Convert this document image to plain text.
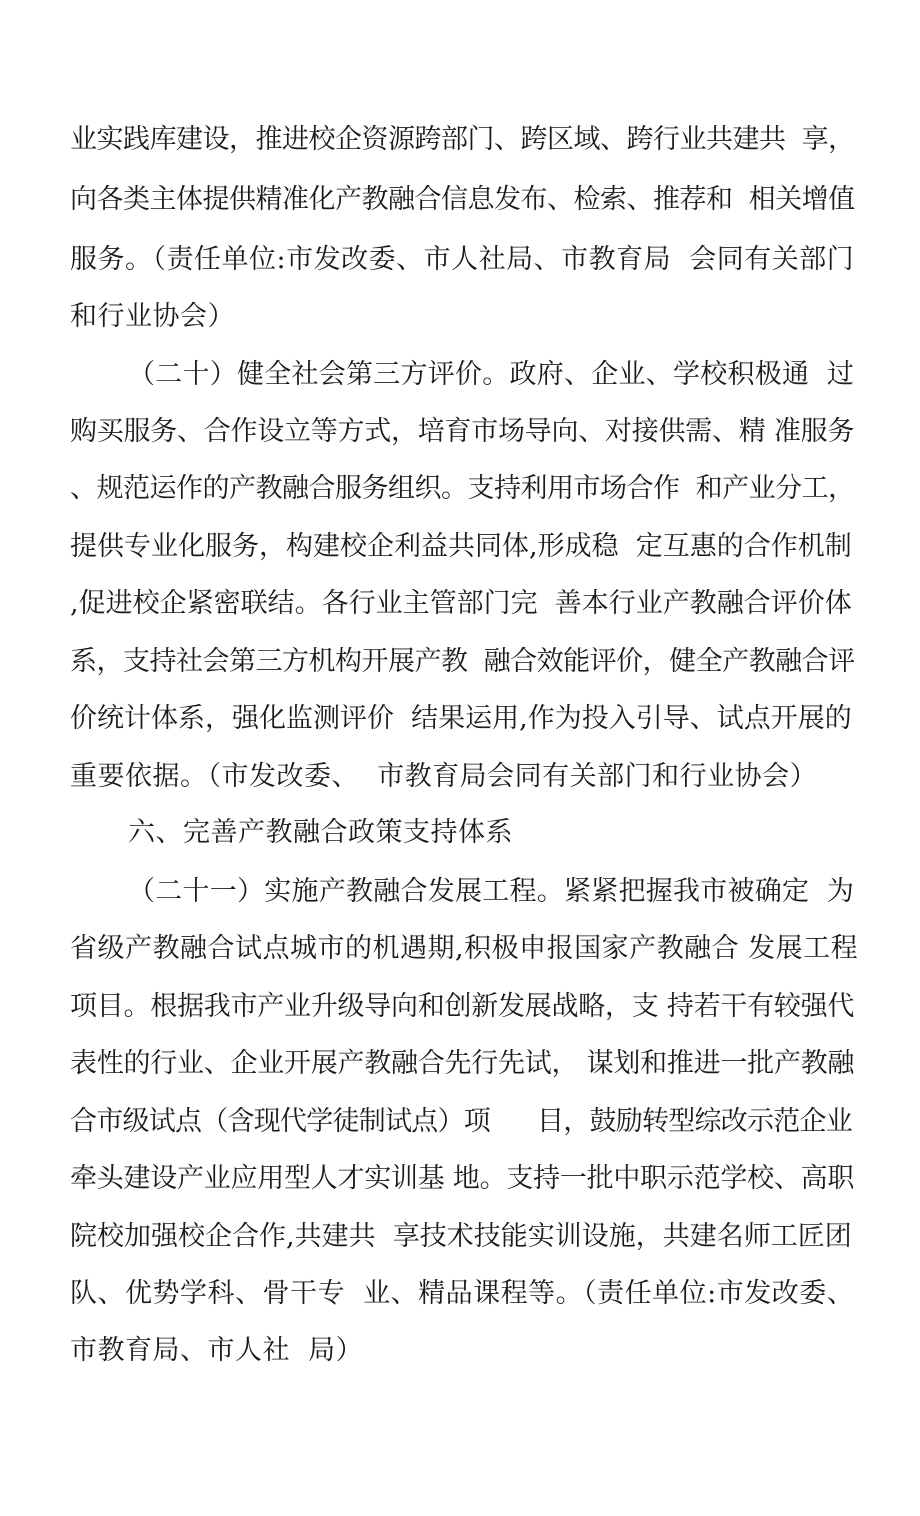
业实践库建设，推进校企资源跨部门、跨区域、跨行业共建共  享，
向各类主体提供精准化产教融合信息发布、检索、推荐和  相关增值
服务。（责任单位:市发改委、市人社局、市教育局  会同有关部门
和行业协会）
（二十）健全社会第三方评价。政府、企业、学校积极通  过
购买服务、合作设立等方式，培育市场导向、对接供需、精 准服务
、规范运作的产教融合服务组织。支持利用市场合作  和产业分工，
提供专业化服务，构建校企利益共同体,形成稳  定互惠的合作机制
,促进校企紧密联结。各行业主管部门完  善本行业产教融合评价体
系，支持社会第三方机构开展产教  融合效能评价，健全产教融合评
价统计体系，强化监测评价  结果运用,作为投入引导、试点开展的
重要依据。（市发改委、  市教育局会同有关部门和行业协会）
六、完善产教融合政策支持体系
（二十一）实施产教融合发展工程。紧紧把握我市被确定  为
省级产教融合试点城市的机遇期,积极申报国家产教融合 发展工程
项目。根据我市产业升级导向和创新发展战略，支 持若干有较强代
表性的行业、企业开展产教融合先行先试， 谋划和推进一批产教融
合市级试点（含现代学徒制试点）项      目，鼓励转型综改示范企业
牵头建设产业应用型人才实训基 地。支持一批中职示范学校、高职
院校加强校企合作,共建共  享技术技能实训设施，共建名师工匠团
队、优势学科、骨干专  业、精品课程等。（责任单位:市发改委、
市教育局、市人社  局）
